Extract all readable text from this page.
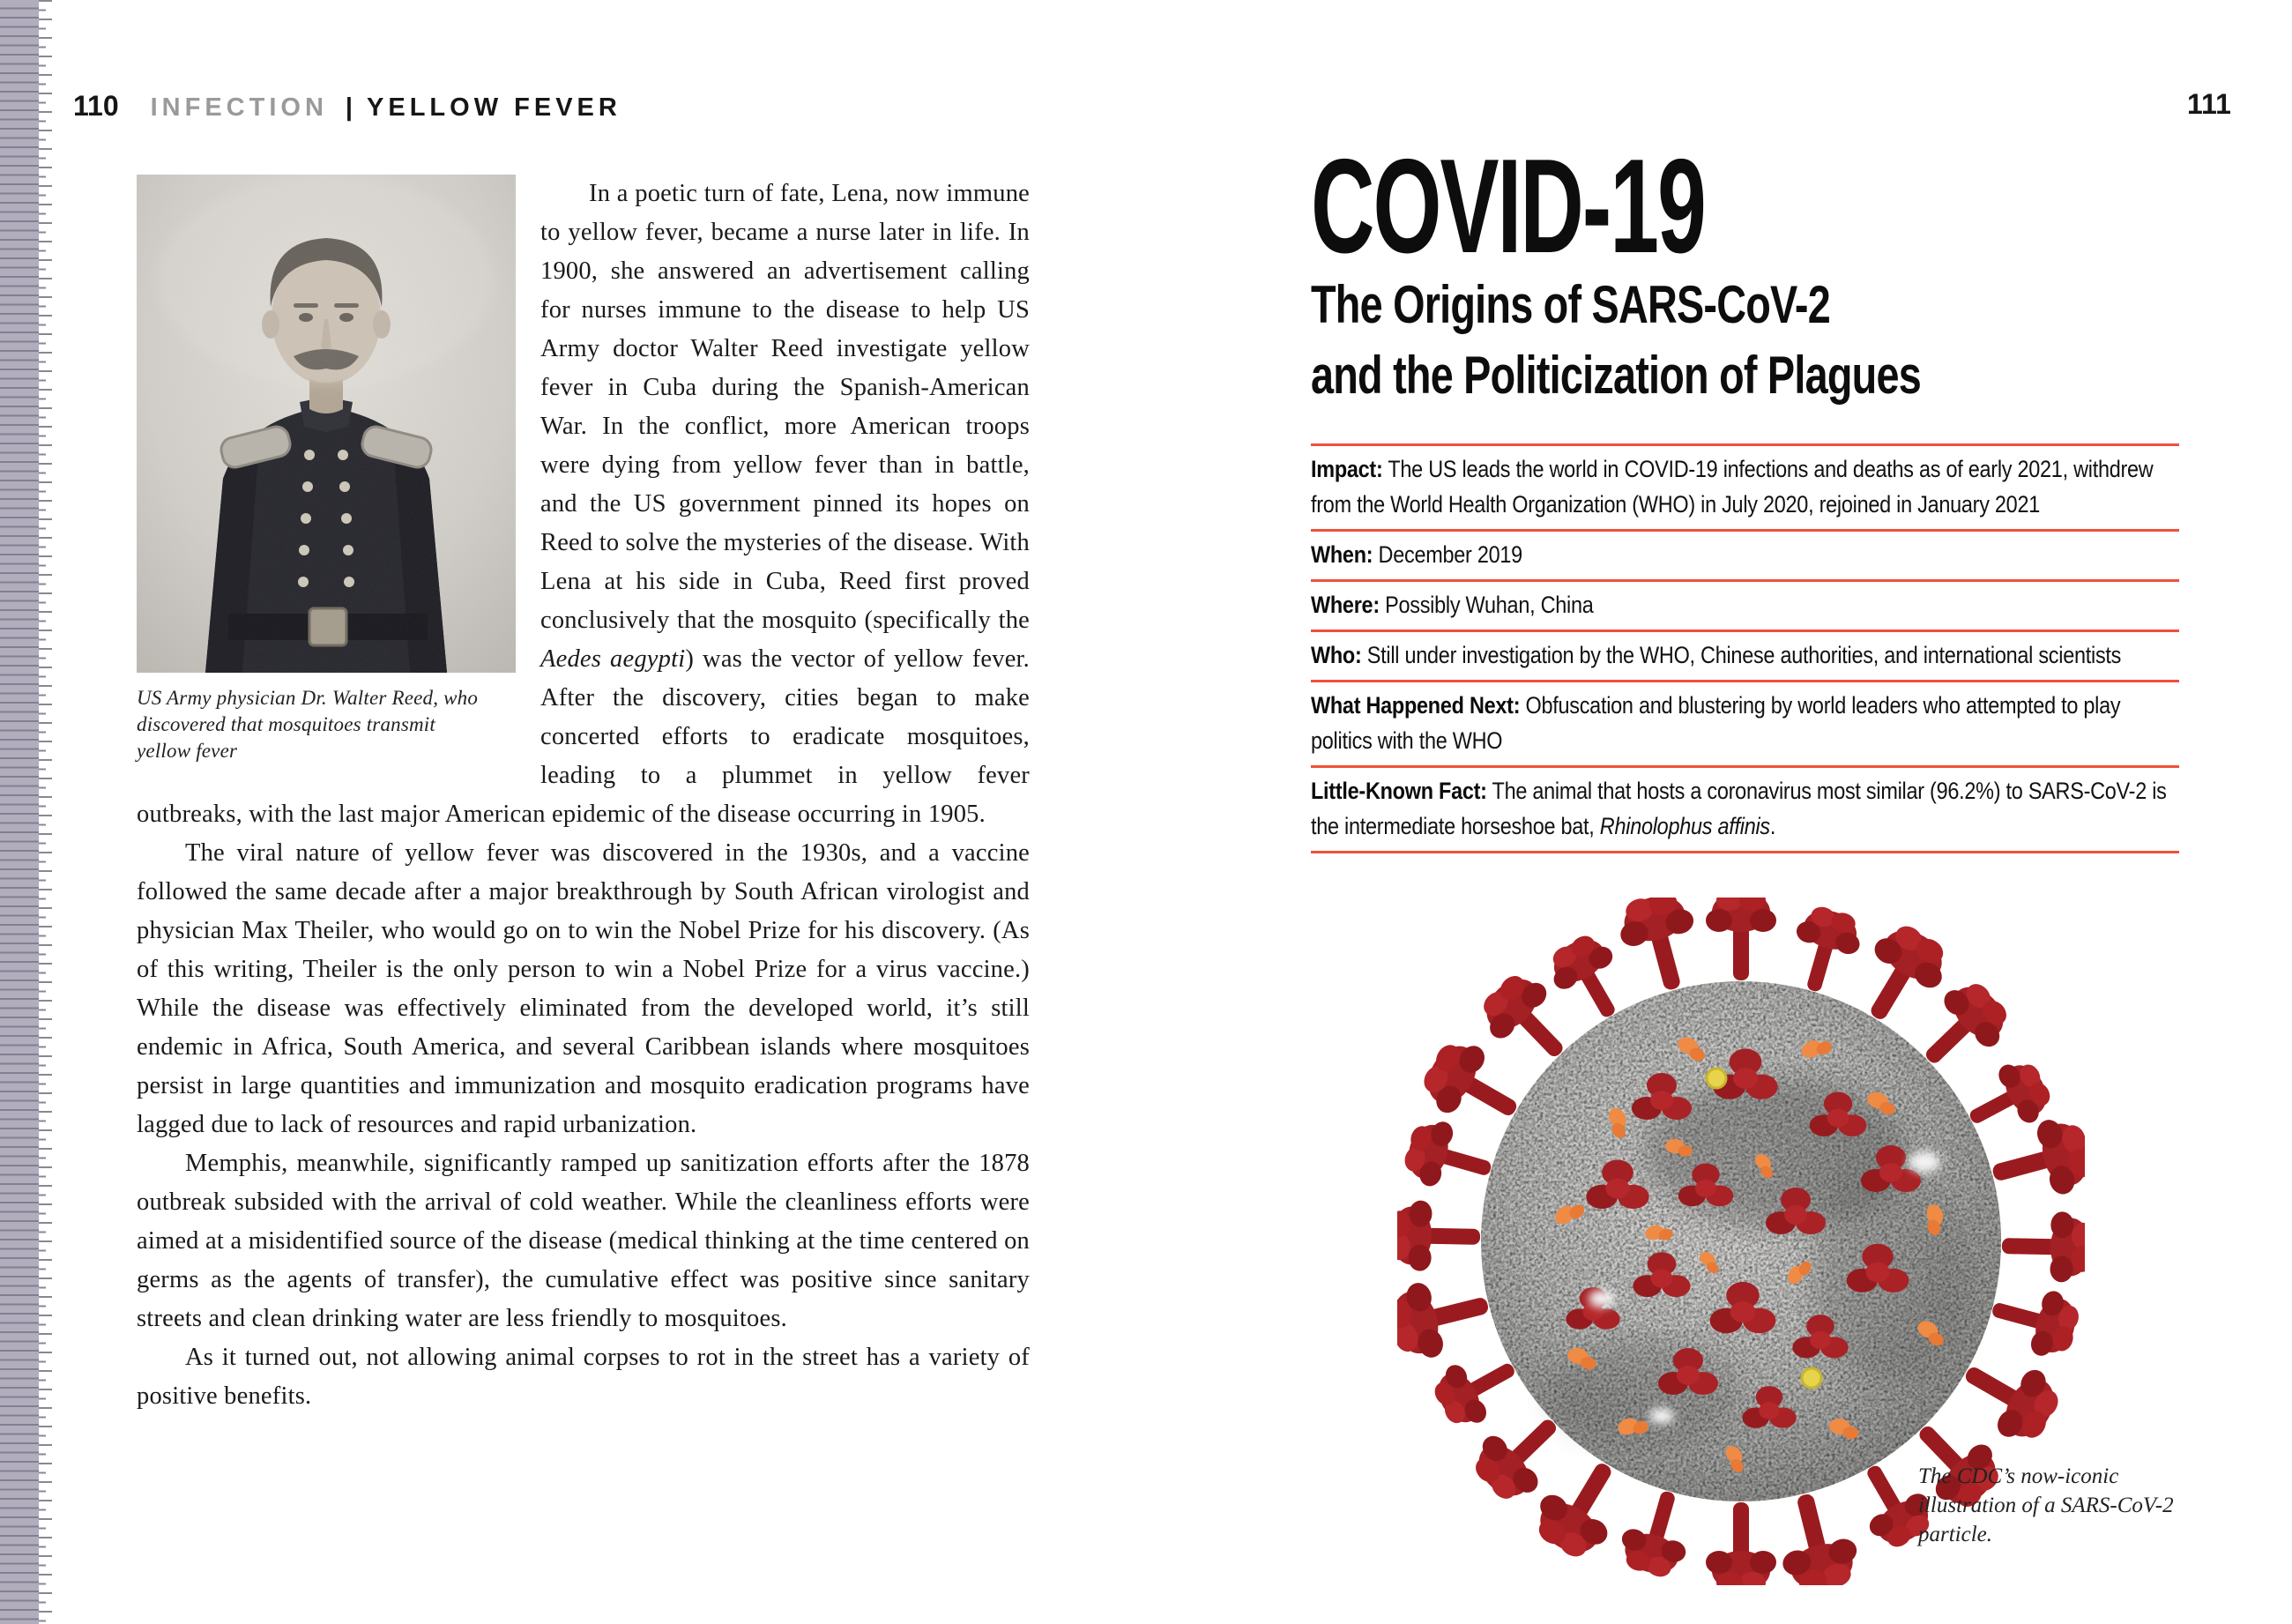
110 INFECTION | YELLOW FEVER
US Army physician Dr. Walter Reed, who discovered that mosquitoes transmit yellow fever

In a poetic turn of fate, Lena, now immune to yellow fever, became a nurse later in life. In 1900, she answered an advertisement calling for nurses immune to the disease to help US Army doctor Walter Reed investigate yellow fever in Cuba during the Spanish-American War. In the conflict, more American troops were dying from yellow fever than in battle, and the US government pinned its hopes on Reed to solve the mysteries of the disease. With Lena at his side in Cuba, Reed first proved conclusively that the mosquito (specifically the Aedes aegypti) was the vector of yellow fever. After the discovery, cities began to make concerted efforts to eradicate mosquitoes, leading to a plummet in yellow fever outbreaks, with the last major American epidemic of the disease occurring in 1905.

The viral nature of yellow fever was discovered in the 1930s, and a vaccine followed the same decade after a major breakthrough by South African virologist and physician Max Theiler, who would go on to win the Nobel Prize for his discovery. (As of this writing, Theiler is the only person to win a Nobel Prize for a virus vaccine.) While the disease was effectively eliminated from the developed world, it’s still endemic in Africa, South America, and several Caribbean islands where mosquitoes persist in large quantities and immunization and mosquito eradication programs have lagged due to lack of resources and rapid urbanization.

Memphis, meanwhile, significantly ramped up sanitization efforts after the 1878 outbreak subsided with the arrival of cold weather. While the cleanliness efforts were aimed at a misidentified source of the disease (medical thinking at the time centered on germs as the agents of transfer), the cumulative effect was positive since sanitary streets and clean drinking water are less friendly to mosquitoes.

As it turned out, not allowing animal corpses to rot in the street has a variety of positive benefits.

111
COVID-19
The Origins of SARS-CoV-2
and the Politicization of Plagues
Impact: The US leads the world in COVID-19 infections and deaths as of early 2021, withdrew from the World Health Organization (WHO) in July 2020, rejoined in January 2021
When: December 2019
Where: Possibly Wuhan, China
Who: Still under investigation by the WHO, Chinese authorities, and international scientists
What Happened Next: Obfuscation and blustering by world leaders who attempted to play politics with the WHO
Little-Known Fact: The animal that hosts a coronavirus most similar (96.2%) to SARS-CoV-2 is the intermediate horseshoe bat, Rhinolophus affinis.
The CDC’s now-iconic illustration of a SARS-CoV-2 particle.
